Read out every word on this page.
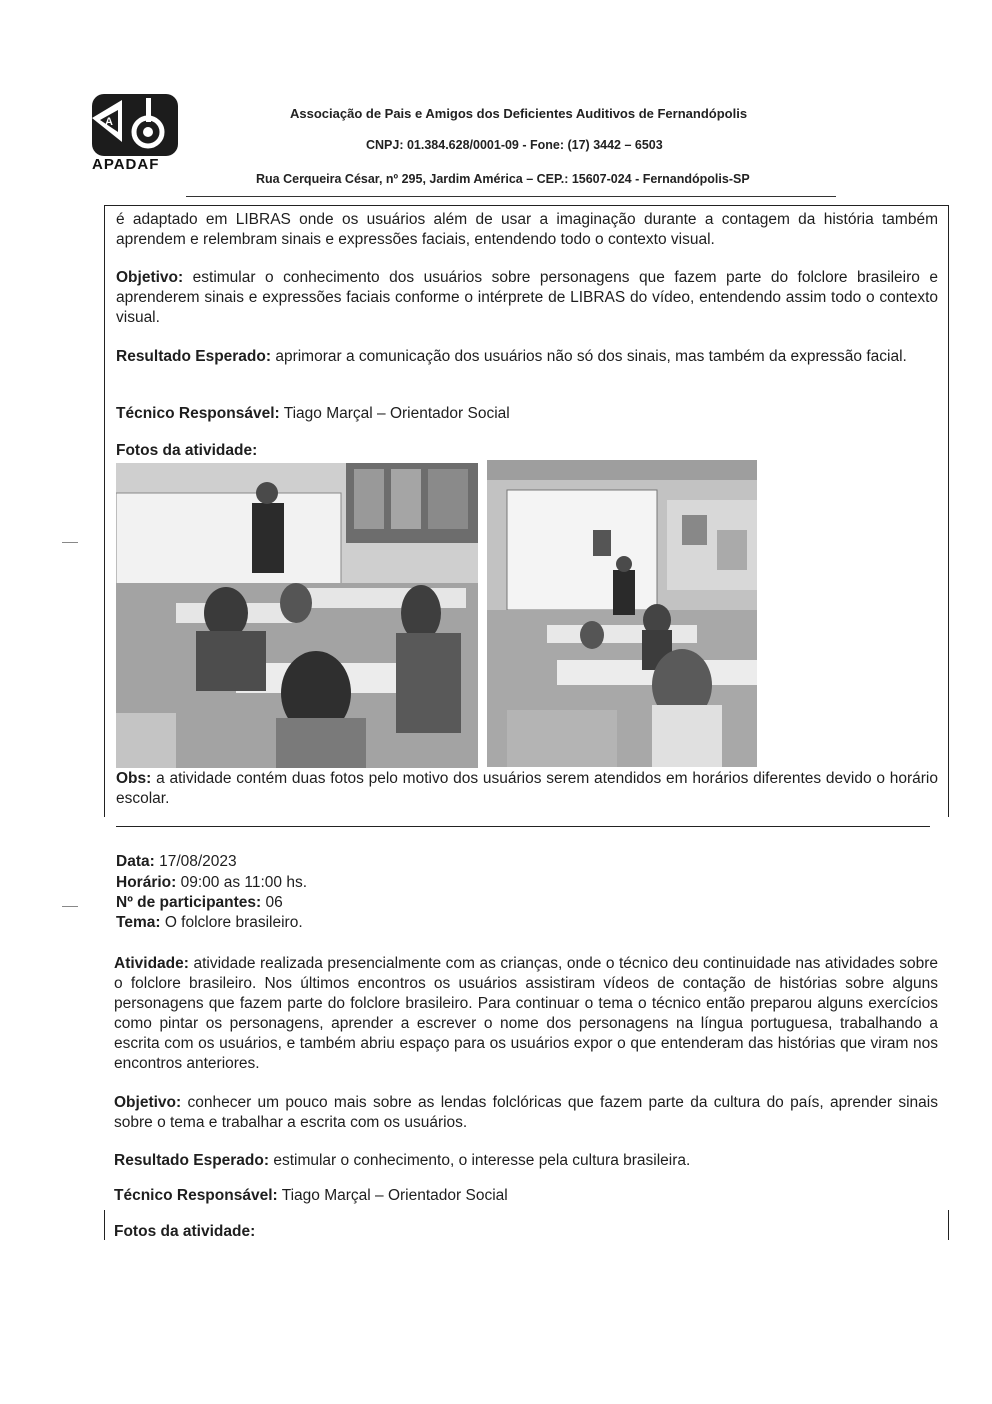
A
APADAF
Associação de Pais e Amigos dos Deficientes Auditivos de Fernandópolis
CNPJ: 01.384.628/0001-09 - Fone: (17) 3442 – 6503
Rua Cerqueira César, nº 295, Jardim América – CEP.: 15607-024 - Fernandópolis-SP
é adaptado em LIBRAS onde os usuários além de usar a imaginação durante a contagem da história também aprendem e relembram sinais e expressões faciais, entendendo todo o contexto visual.
Objetivo: estimular o conhecimento dos usuários sobre personagens que fazem parte do folclore brasileiro e aprenderem sinais e expressões faciais conforme o intérprete de LIBRAS do vídeo, entendendo assim todo o contexto visual.
Resultado Esperado: aprimorar a comunicação dos usuários não só dos sinais, mas também da expressão facial.
Técnico Responsável: Tiago Marçal – Orientador Social
Fotos da atividade:
Obs: a atividade contém duas fotos pelo motivo dos usuários serem atendidos em horários diferentes devido o horário escolar.
Data: 17/08/2023
Horário: 09:00 as 11:00 hs.
Nº de participantes: 06
Tema: O folclore brasileiro.
Atividade: atividade realizada presencialmente com as crianças, onde o técnico deu continuidade nas atividades sobre o folclore brasileiro. Nos últimos encontros os usuários assistiram vídeos de contação de histórias sobre alguns personagens que fazem parte do folclore brasileiro. Para continuar o tema o técnico então preparou alguns exercícios como pintar os personagens, aprender a escrever o nome dos personagens na língua portuguesa, trabalhando a escrita com os usuários, e também abriu espaço para os usuários expor o que entenderam das histórias que viram nos encontros anteriores.
Objetivo: conhecer um pouco mais sobre as lendas folclóricas que fazem parte da cultura do país, aprender sinais sobre o tema e trabalhar a escrita com os usuários.
Resultado Esperado: estimular o conhecimento, o interesse pela cultura brasileira.
Técnico Responsável: Tiago Marçal – Orientador Social
Fotos da atividade:
